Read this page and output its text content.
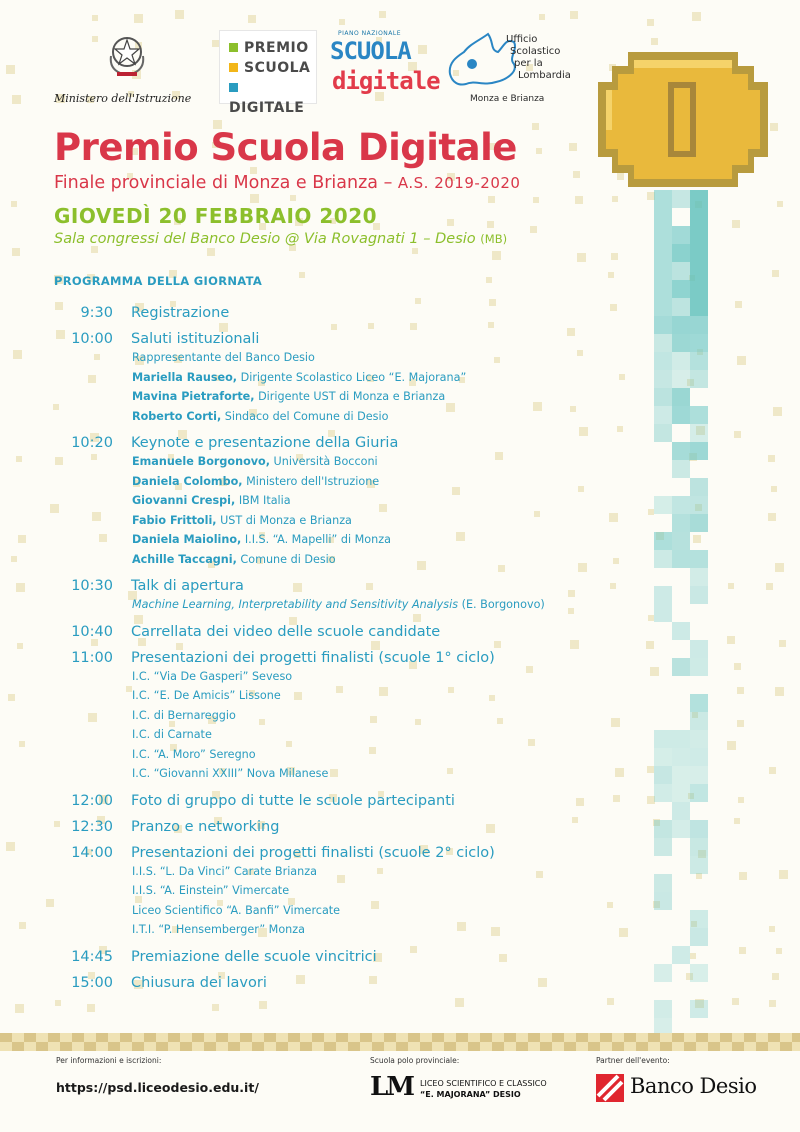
Ministero dell'Istruzione
PREMIO
SCUOLA
DIGITALE
PIANO NAZIONALE
SCUOLA
digitale
Ufficio
Scolastico
per la
Lombardia
Monza e Brianza
Premio Scuola Digitale
Finale provinciale di Monza e Brianza – A.S. 2019-2020
GIOVEDÌ 20 FEBBRAIO 2020
Sala congressi del Banco Desio @ Via Rovagnati 1 – Desio (MB)
PROGRAMMA DELLA GIORNATA
9:30 Registrazione
10:00 Saluti istituzionali
Rappresentante del Banco Desio
Mariella Rauseo, Dirigente Scolastico Liceo “E. Majorana”
Mavina Pietraforte, Dirigente UST di Monza e Brianza
Roberto Corti, Sindaco del Comune di Desio
10:20 Keynote e presentazione della Giuria
Emanuele Borgonovo, Università Bocconi
Daniela Colombo, Ministero dell'Istruzione
Giovanni Crespi, IBM Italia
Fabio Frittoli, UST di Monza e Brianza
Daniela Maiolino, I.I.S. “A. Mapelli” di Monza
Achille Taccagni, Comune di Desio
10:30 Talk di apertura
Machine Learning, Interpretability and Sensitivity Analysis (E. Borgonovo)
10:40 Carrellata dei video delle scuole candidate
11:00 Presentazioni dei progetti finalisti (scuole 1° ciclo)
I.C. “Via De Gasperi” Seveso
I.C. “E. De Amicis” Lissone
I.C. di Bernareggio
I.C. di Carnate
I.C. “A. Moro” Seregno
I.C. “Giovanni XXIII” Nova Milanese
12:00 Foto di gruppo di tutte le scuole partecipanti
12:30 Pranzo e networking
14:00 Presentazioni dei progetti finalisti (scuole 2° ciclo)
I.I.S. “L. Da Vinci” Carate Brianza
I.I.S. “A. Einstein” Vimercate
Liceo Scientifico “A. Banfi” Vimercate
I.T.I. “P. Hensemberger” Monza
14:45 Premiazione delle scuole vincitrici
15:00 Chiusura dei lavori
Per informazioni e iscrizioni:
https://psd.liceodesio.edu.it/
Scuola polo provinciale:
LM LICEO SCIENTIFICO E CLASSICO
“E. MAJORANA” DESIO
Partner dell'evento:
Banco Desio
